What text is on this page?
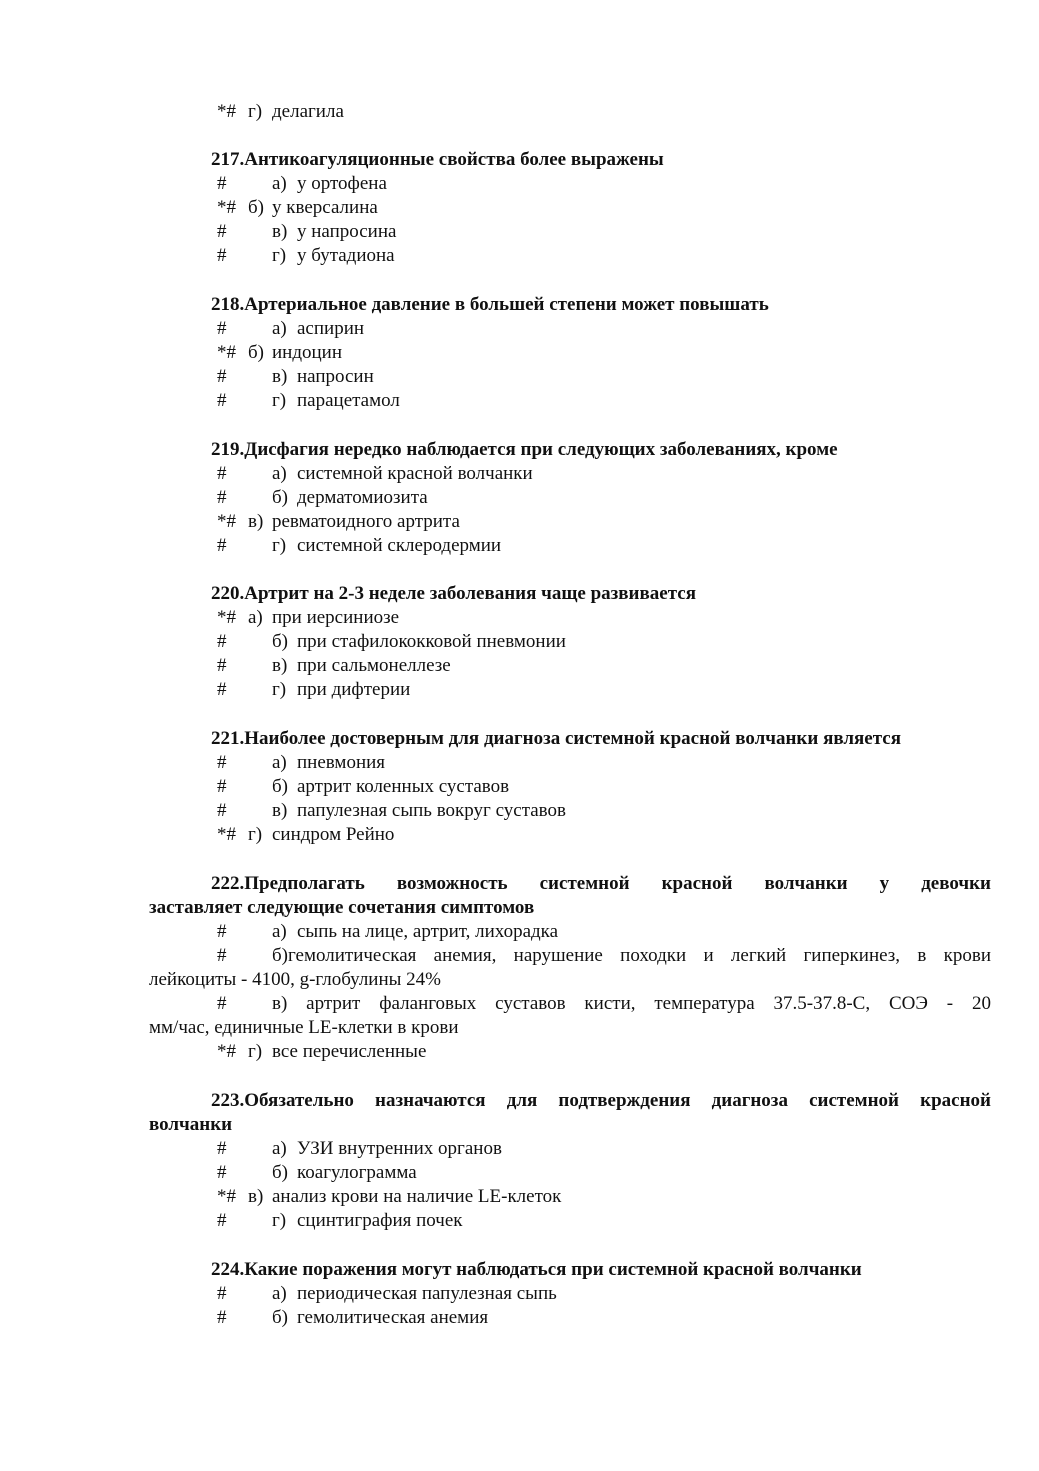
*# г) делагила
217.Антикоагуляционные свойства более выражены
# а) у ортофена
*# б) у кверсалина
# в) у напросина
# г) у бутадиона
218.Артериальное давление в большей степени может повышать
# а) аспирин
*# б) индоцин
# в) напросин
# г) парацетамол
219.Дисфагия нередко наблюдается при следующих заболеваниях, кроме
# а) системной красной волчанки
# б) дерматомиозита
*# в) ревматоидного артрита
# г) системной склеродермии
220.Артрит на 2-3 неделе заболевания чаще развивается
*# а) при иерсиниозе
# б) при стафилококковой пневмонии
# в) при сальмонеллезе
# г) при дифтерии
221.Наиболее достоверным для диагноза системной красной волчанки является
# а) пневмония
# б) артрит коленных суставов
# в) папулезная сыпь вокруг суставов
*# г) синдром Рейно
222.Предполагать возможность системной красной волчанки у девочки
заставляет следующие сочетания симптомов
# а) сыпь на лице, артрит, лихорадка
# б)гемолитическая анемия, нарушение походки и легкий гиперкинез, в крови
лейкоциты - 4100, g-глобулины 24%
# в) артрит фаланговых суставов кисти, температура 37.5-37.8-С, СОЭ - 20
мм/час, единичные LE-клетки в крови
*# г) все перечисленные
223.Обязательно назначаются для подтверждения диагноза системной красной
волчанки
# а) УЗИ внутренних органов
# б) коагулограмма
*# в) анализ крови на наличие LE-клеток
# г) сцинтиграфия почек
224.Какие поражения могут наблюдаться при системной красной волчанки
# а) периодическая папулезная сыпь
# б) гемолитическая анемия
